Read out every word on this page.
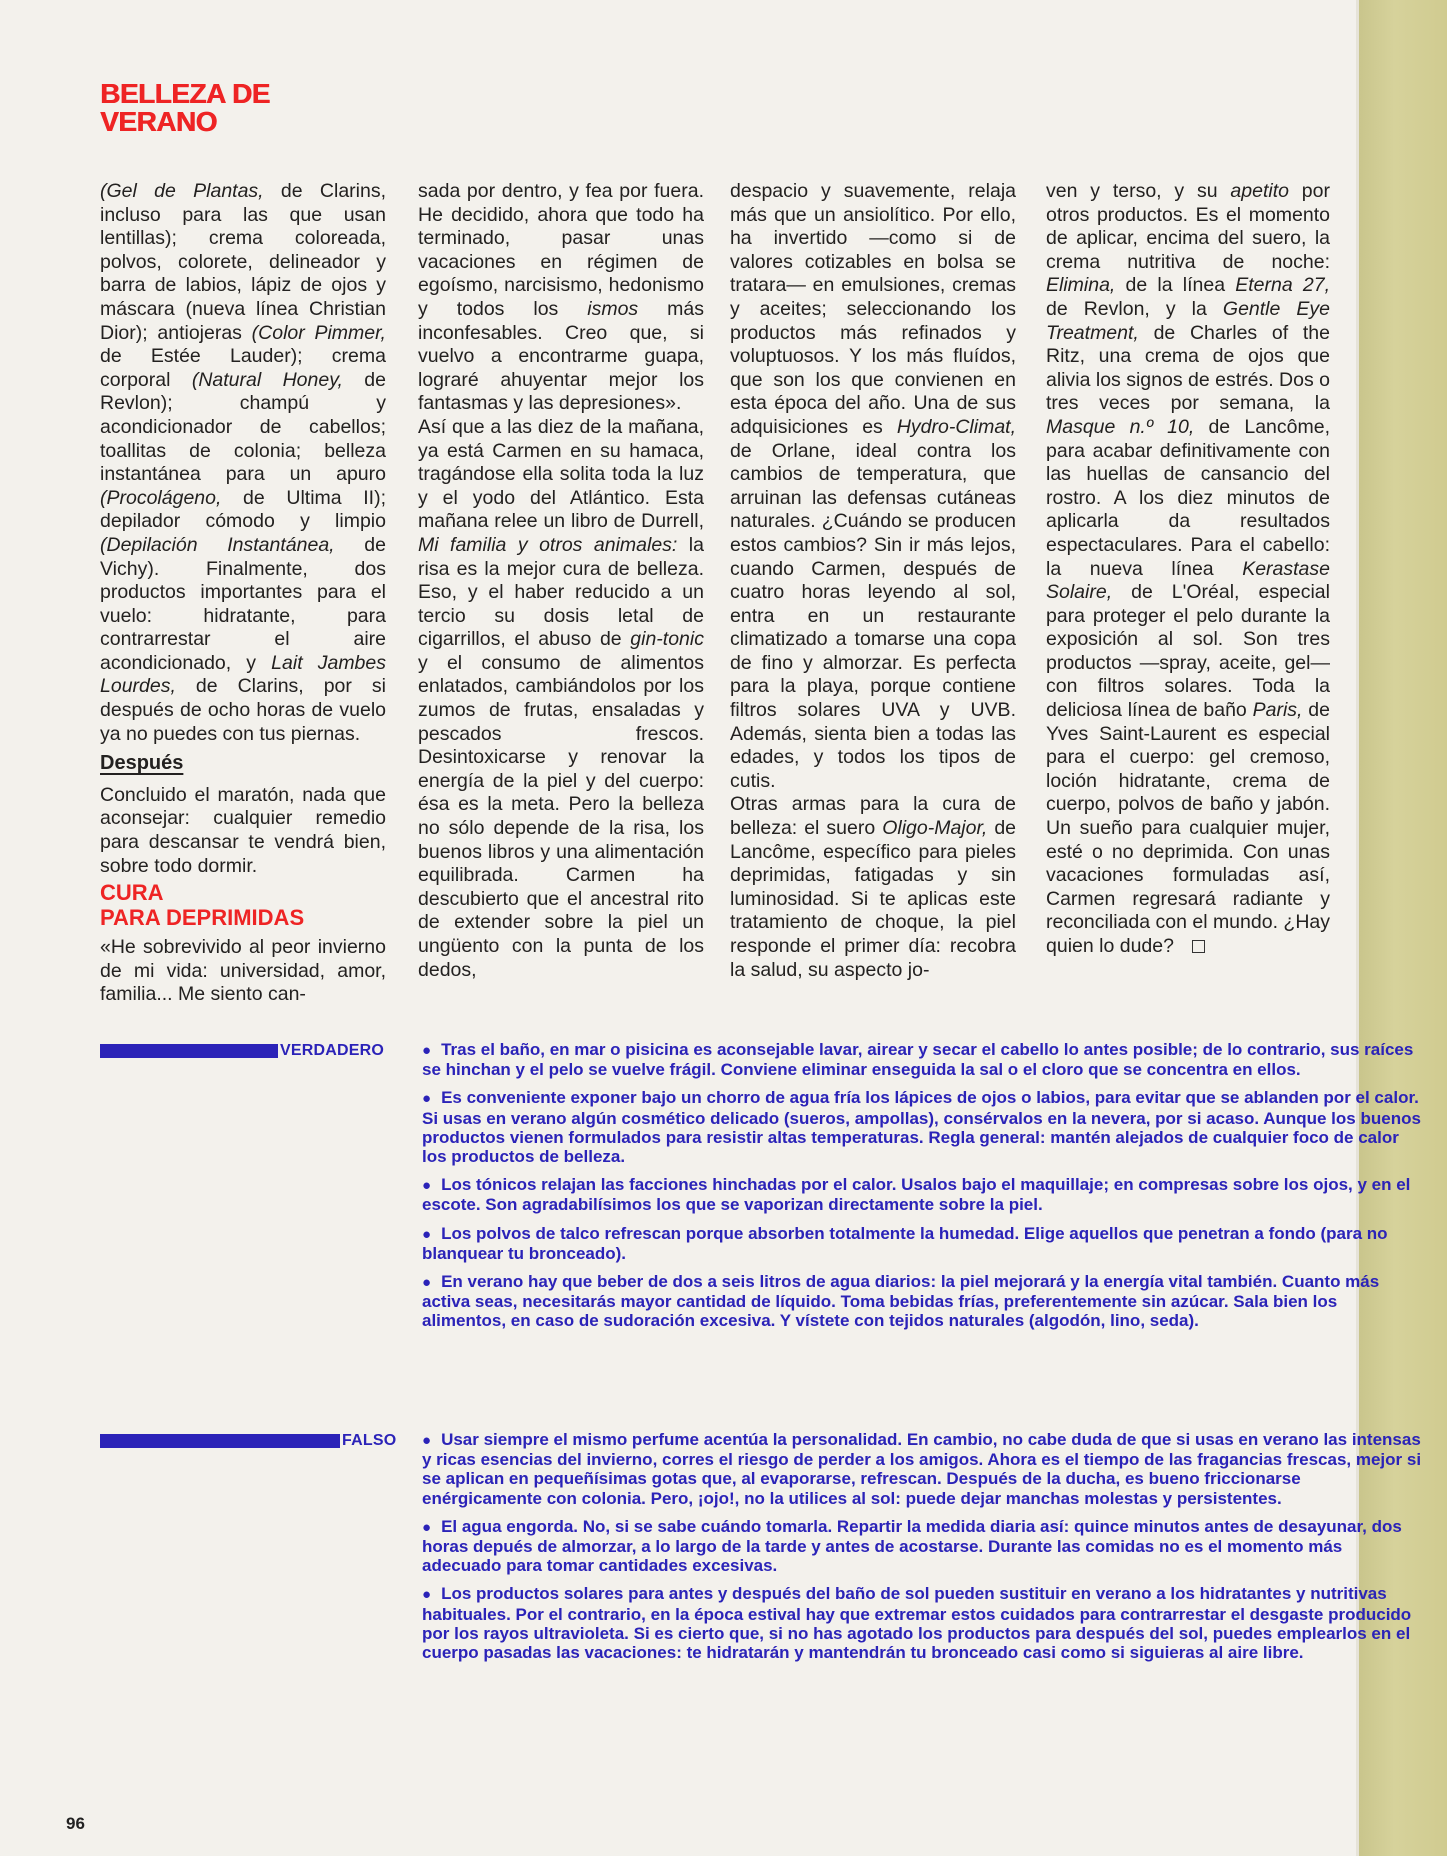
BELLEZA DE
VERANO

(Gel de Plantas, de Clarins, incluso para las que usan lentillas); crema coloreada, polvos, colorete, delineador y barra de labios, lápiz de ojos y máscara (nueva línea Christian Dior); antiojeras (Color Pimmer, de Estée Lauder); crema corporal (Natural Honey, de Revlon); champú y acondicionador de cabellos; toallitas de colonia; belleza instantánea para un apuro (Procolágeno, de Ultima II); depilador cómodo y limpio (Depilación Instantánea, de Vichy). Finalmente, dos productos importantes para el vuelo: hidratante, para contrarrestar el aire acondicionado, y Lait Jambes Lourdes, de Clarins, por si después de ocho horas de vuelo ya no puedes con tus piernas.

Después

Concluido el maratón, nada que aconsejar: cualquier remedio para descansar te vendrá bien, sobre todo dormir.

CURA
PARA DEPRIMIDAS

«He sobrevivido al peor invierno de mi vida: universidad, amor, familia... Me siento can-

sada por dentro, y fea por fuera. He decidido, ahora que todo ha terminado, pasar unas vacaciones en régimen de egoísmo, narcisismo, hedonismo y todos los ismos más inconfesables. Creo que, si vuelvo a encontrarme guapa, lograré ahuyentar mejor los fantasmas y las depresiones».

Así que a las diez de la mañana, ya está Carmen en su hamaca, tragándose ella solita toda la luz y el yodo del Atlántico. Esta mañana relee un libro de Durrell, Mi familia y otros animales: la risa es la mejor cura de belleza. Eso, y el haber reducido a un tercio su dosis letal de cigarrillos, el abuso de gin-tonic y el consumo de alimentos enlatados, cambiándolos por los zumos de frutas, ensaladas y pescados frescos. Desintoxicarse y renovar la energía de la piel y del cuerpo: ésa es la meta. Pero la belleza no sólo depende de la risa, los buenos libros y una alimentación equilibrada. Carmen ha descubierto que el ancestral rito de extender sobre la piel un ungüento con la punta de los dedos,

despacio y suavemente, relaja más que un ansiolítico. Por ello, ha invertido —como si de valores cotizables en bolsa se tratara— en emulsiones, cremas y aceites; seleccionando los productos más refinados y voluptuosos. Y los más fluídos, que son los que convienen en esta época del año. Una de sus adquisiciones es Hydro-Climat, de Orlane, ideal contra los cambios de temperatura, que arruinan las defensas cutáneas naturales. ¿Cuándo se producen estos cambios? Sin ir más lejos, cuando Carmen, después de cuatro horas leyendo al sol, entra en un restaurante climatizado a tomarse una copa de fino y almorzar. Es perfecta para la playa, porque contiene filtros solares UVA y UVB. Además, sienta bien a todas las edades, y todos los tipos de cutis.

Otras armas para la cura de belleza: el suero Oligo-Major, de Lancôme, específico para pieles deprimidas, fatigadas y sin luminosidad. Si te aplicas este tratamiento de choque, la piel responde el primer día: recobra la salud, su aspecto jo-

ven y terso, y su apetito por otros productos. Es el momento de aplicar, encima del suero, la crema nutritiva de noche: Elimina, de la línea Eterna 27, de Revlon, y la Gentle Eye Treatment, de Charles of the Ritz, una crema de ojos que alivia los signos de estrés. Dos o tres veces por semana, la Masque n.º 10, de Lancôme, para acabar definitivamente con las huellas de cansancio del rostro. A los diez minutos de aplicarla da resultados espectaculares. Para el cabello: la nueva línea Kerastase Solaire, de L'Oréal, especial para proteger el pelo durante la exposición al sol. Son tres productos —spray, aceite, gel— con filtros solares. Toda la deliciosa línea de baño Paris, de Yves Saint-Laurent es especial para el cuerpo: gel cremoso, loción hidratante, crema de cuerpo, polvos de baño y jabón. Un sueño para cualquier mujer, esté o no deprimida. Con unas vacaciones formuladas así, Carmen regresará radiante y reconciliada con el mundo. ¿Hay quien lo dude?

VERDADERO	● Tras el baño, en mar o pisicina es aconsejable lavar, airear y secar el cabello lo antes posible; de lo contrario, sus raíces se hinchan y el pelo se vuelve frágil. Conviene eliminar enseguida la sal o el cloro que se concentra en ellos.

● Es conveniente exponer bajo un chorro de agua fría los lápices de ojos o labios, para evitar que se ablanden por el calor. Si usas en verano algún cosmético delicado (sueros, ampollas), consérvalos en la nevera, por si acaso. Aunque los buenos productos vienen formulados para resistir altas temperaturas. Regla general: mantén alejados de cualquier foco de calor los productos de belleza.

● Los tónicos relajan las facciones hinchadas por el calor. Usalos bajo el maquillaje; en compresas sobre los ojos, y en el escote. Son agradabilísimos los que se vaporizan directamente sobre la piel.

● Los polvos de talco refrescan porque absorben totalmente la humedad. Elige aquellos que penetran a fondo (para no blanquear tu bronceado).

● En verano hay que beber de dos a seis litros de agua diarios: la piel mejorará y la energía vital también. Cuanto más activa seas, necesitarás mayor cantidad de líquido. Toma bebidas frías, preferentemente sin azúcar. Sala bien los alimentos, en caso de sudoración excesiva. Y vístete con tejidos naturales (algodón, lino, seda).

FALSO ● Usar siempre el mismo perfume acentúa la personalidad. En cambio, no cabe duda de que si usas en verano las intensas y ricas esencias del invierno, corres el riesgo de perder a los amigos. Ahora es el tiempo de las fragancias frescas, mejor si se aplican en pequeñísimas gotas que, al evaporarse, refrescan. Después de la ducha, es bueno friccionarse enérgicamente con colonia. Pero, ¡ojo!, no la utilices al sol: puede dejar manchas molestas y persistentes.

● El agua engorda. No, si se sabe cuándo tomarla. Repartir la medida diaria así: quince minutos antes de desayunar, dos horas depués de almorzar, a lo largo de la tarde y antes de acostarse. Durante las comidas no es el momento más adecuado para tomar cantidades excesivas.

● Los productos solares para antes y después del baño de sol pueden sustituir en verano a los hidratantes y nutritivas habituales. Por el contrario, en la época estival hay que extremar estos cuidados para contrarrestar el desgaste producido por los rayos ultravioleta. Si es cierto que, si no has agotado los productos para después del sol, puedes emplearlos en el cuerpo pasadas las vacaciones: te hidratarán y mantendrán tu bronceado casi como si siguieras al aire libre.

96
